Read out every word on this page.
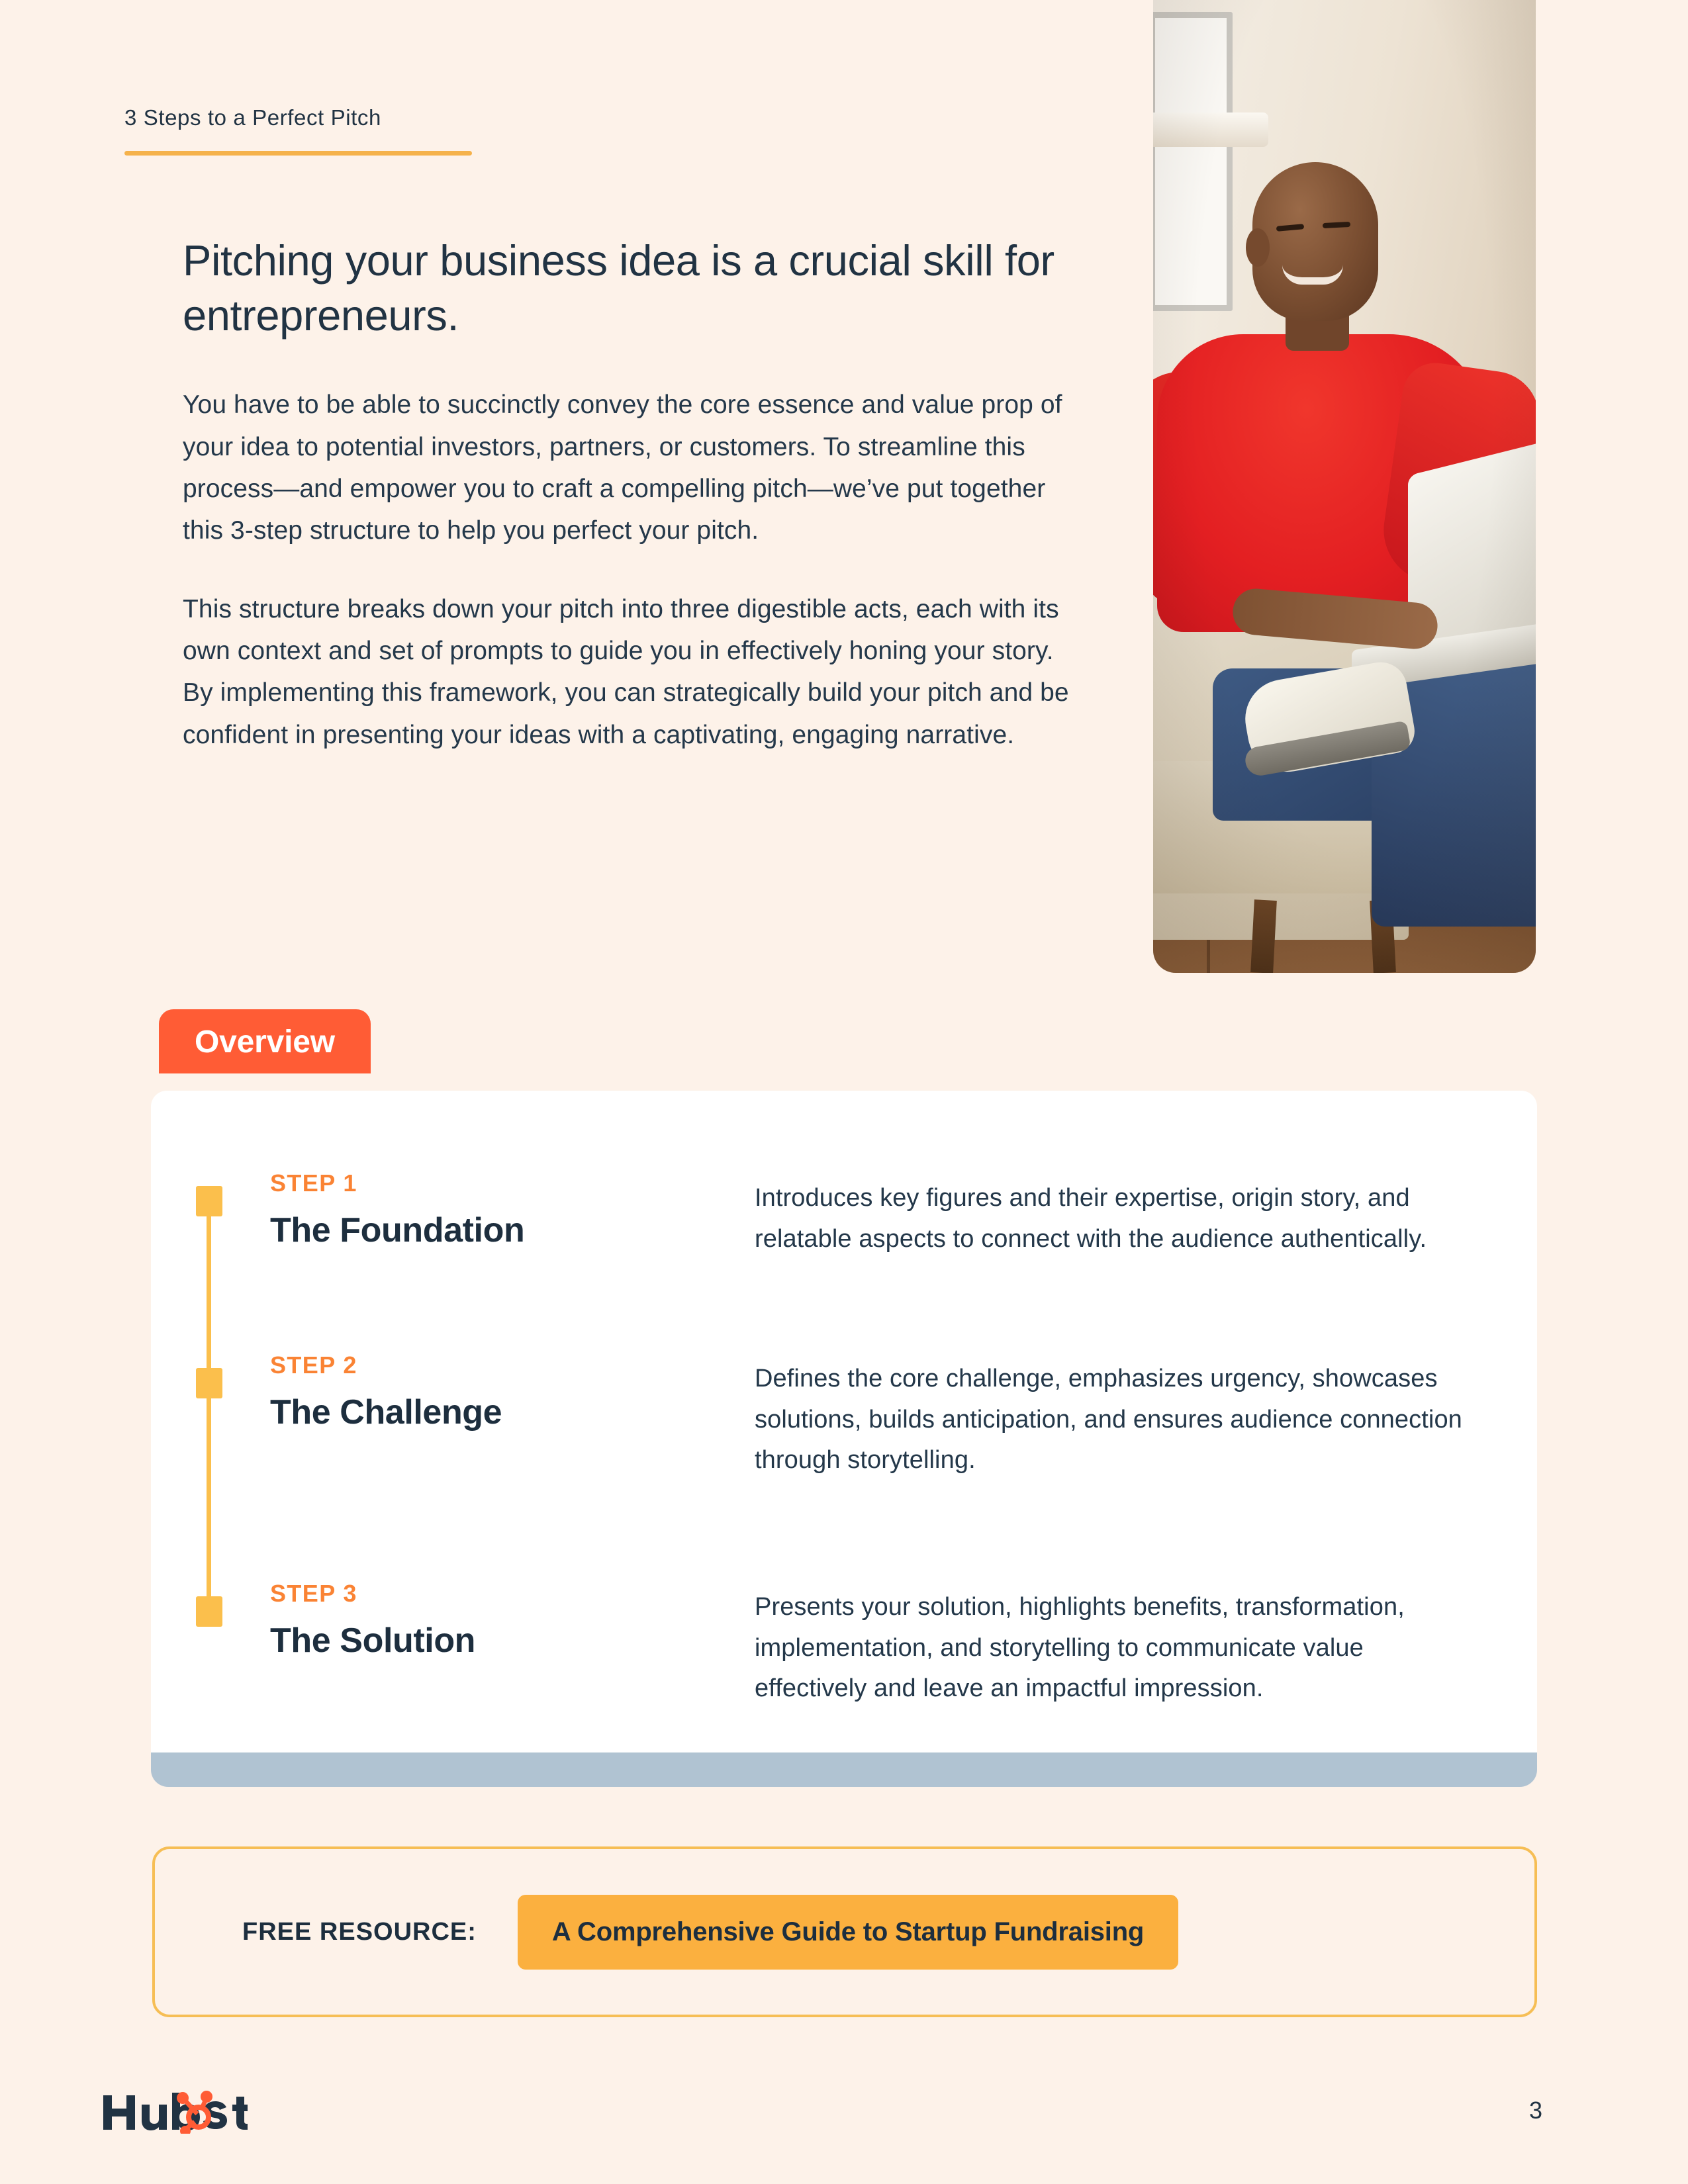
3 Steps to a Perfect Pitch
Pitching your business idea is a crucial skill for entrepreneurs.

You have to be able to succinctly convey the core essence and value prop of your idea to potential investors, partners, or customers. To streamline this process—and empower you to craft a compelling pitch—we’ve put together this 3-step structure to help you perfect your pitch.

This structure breaks down your pitch into three digestible acts, each with its own context and set of prompts to guide you in effectively honing your story. By implementing this framework, you can strategically build your pitch and be confident in presenting your ideas with a captivating, engaging narrative.

Overview
STEP 1
The Foundation
Introduces key figures and their expertise, origin story, and relatable aspects to connect with the audience authentically.
STEP 2
The Challenge
Defines the core challenge, emphasizes urgency, showcases solutions, builds anticipation, and ensures audience connection through storytelling.
STEP 3
The Solution
Presents your solution, highlights benefits, transformation, implementation, and storytelling to communicate value effectively and leave an impactful impression.
FREE RESOURCE:	A Comprehensive Guide to Startup Fundraising
3
